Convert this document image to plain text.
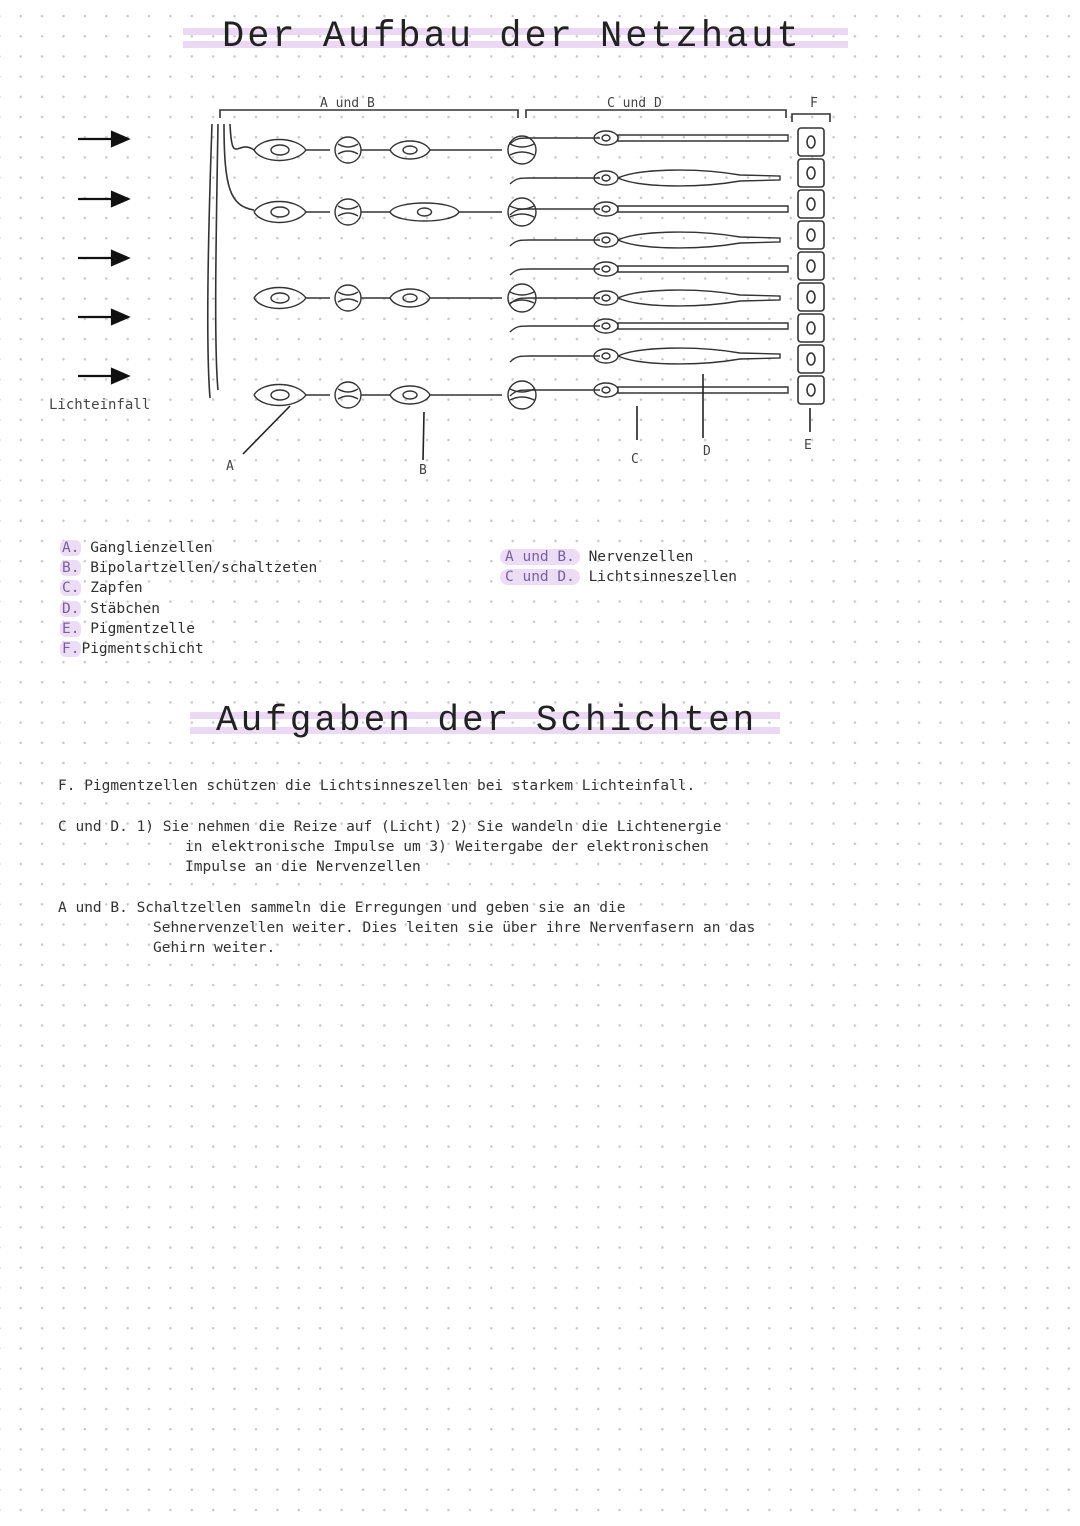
Der Aufbau der Netzhaut
A und B	C und D	F
A	B
C
D	E
Lichteinfall
A. Ganglienzellen
B. Bipolartzellen/schaltzeten
C. Zapfen
D. Stäbchen
E. Pigmentzelle
F. Pigmentschicht
A und B. Nervenzellen
C und D. Lichtsinneszellen
Aufgaben der Schichten

F. Pigmentzellen schützen die Lichtsinneszellen bei starkem Lichteinfall.

C und D. 1) Sie nehmen die Reize auf (Licht) 2) Sie wandeln die Lichtenergie

in elektronische Impulse um 3) Weitergabe der elektronischen

Impulse an die Nervenzellen

A und B. Schaltzellen sammeln die Erregungen und geben sie an die

Sehnervenzellen weiter. Dies leiten sie über ihre Nervenfasern an das

Gehirn weiter.
